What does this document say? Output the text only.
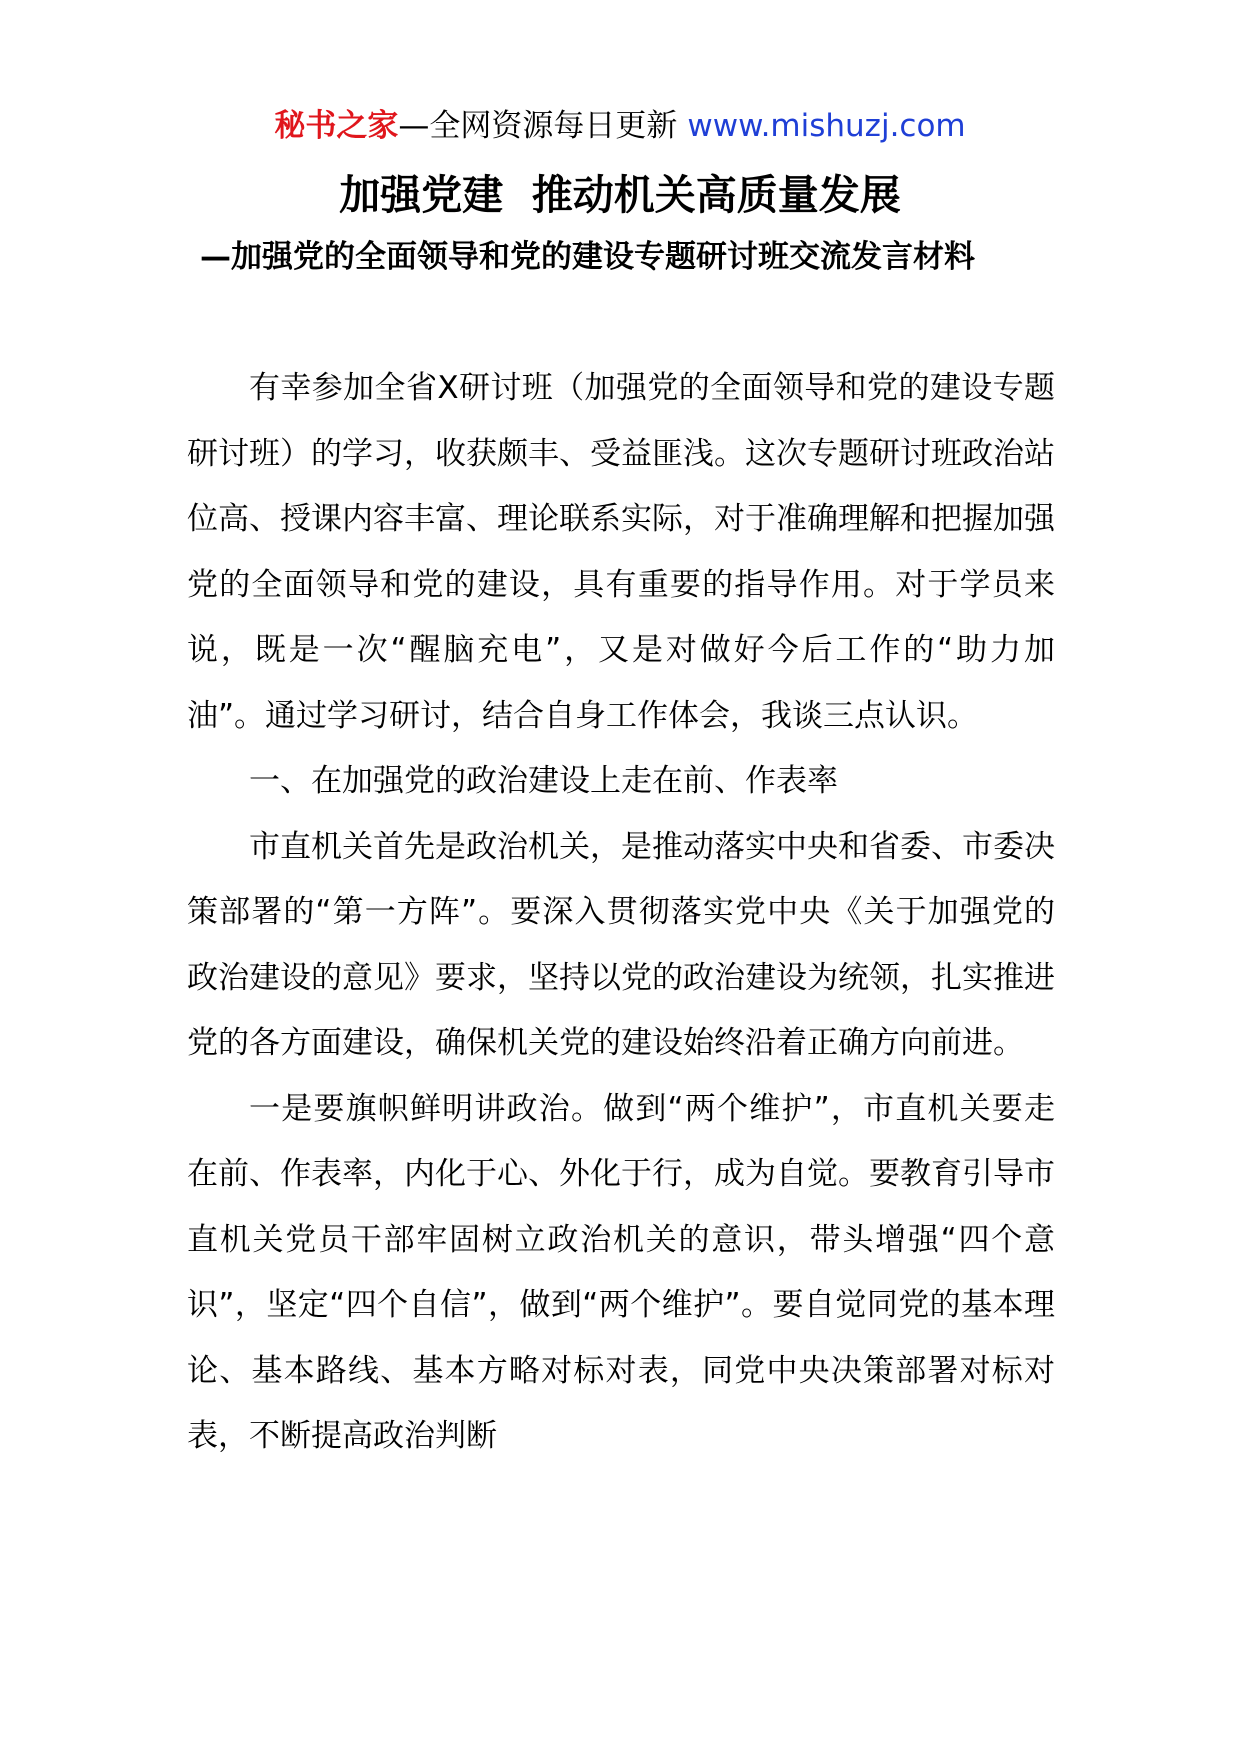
秘书之家—全网资源每日更新 www.mishuzj.com
加强党建  推动机关高质量发展
—加强党的全面领导和党的建设专题研讨班交流发言材料

有幸参加全省X研讨班（加强党的全面领导和党的建设专题研讨班）的学习，收获颇丰、受益匪浅。这次专题研讨班政治站位高、授课内容丰富、理论联系实际，对于准确理解和把握加强党的全面领导和党的建设，具有重要的指导作用。对于学员来说，既是一次“醒脑充电”，又是对做好今后工作的“助力加油”。通过学习研讨，结合自身工作体会，我谈三点认识。

一、在加强党的政治建设上走在前、作表率

市直机关首先是政治机关，是推动落实中央和省委、市委决策部署的“第一方阵”。要深入贯彻落实党中央《关于加强党的政治建设的意见》要求，坚持以党的政治建设为统领，扎实推进党的各方面建设，确保机关党的建设始终沿着正确方向前进。

一是要旗帜鲜明讲政治。做到“两个维护”，市直机关要走在前、作表率，内化于心、外化于行，成为自觉。要教育引导市直机关党员干部牢固树立政治机关的意识，带头增强“四个意识”，坚定“四个自信”，做到“两个维护”。要自觉同党的基本理论、基本路线、基本方略对标对表，同党中央决策部署对标对表，不断提高政治判断
